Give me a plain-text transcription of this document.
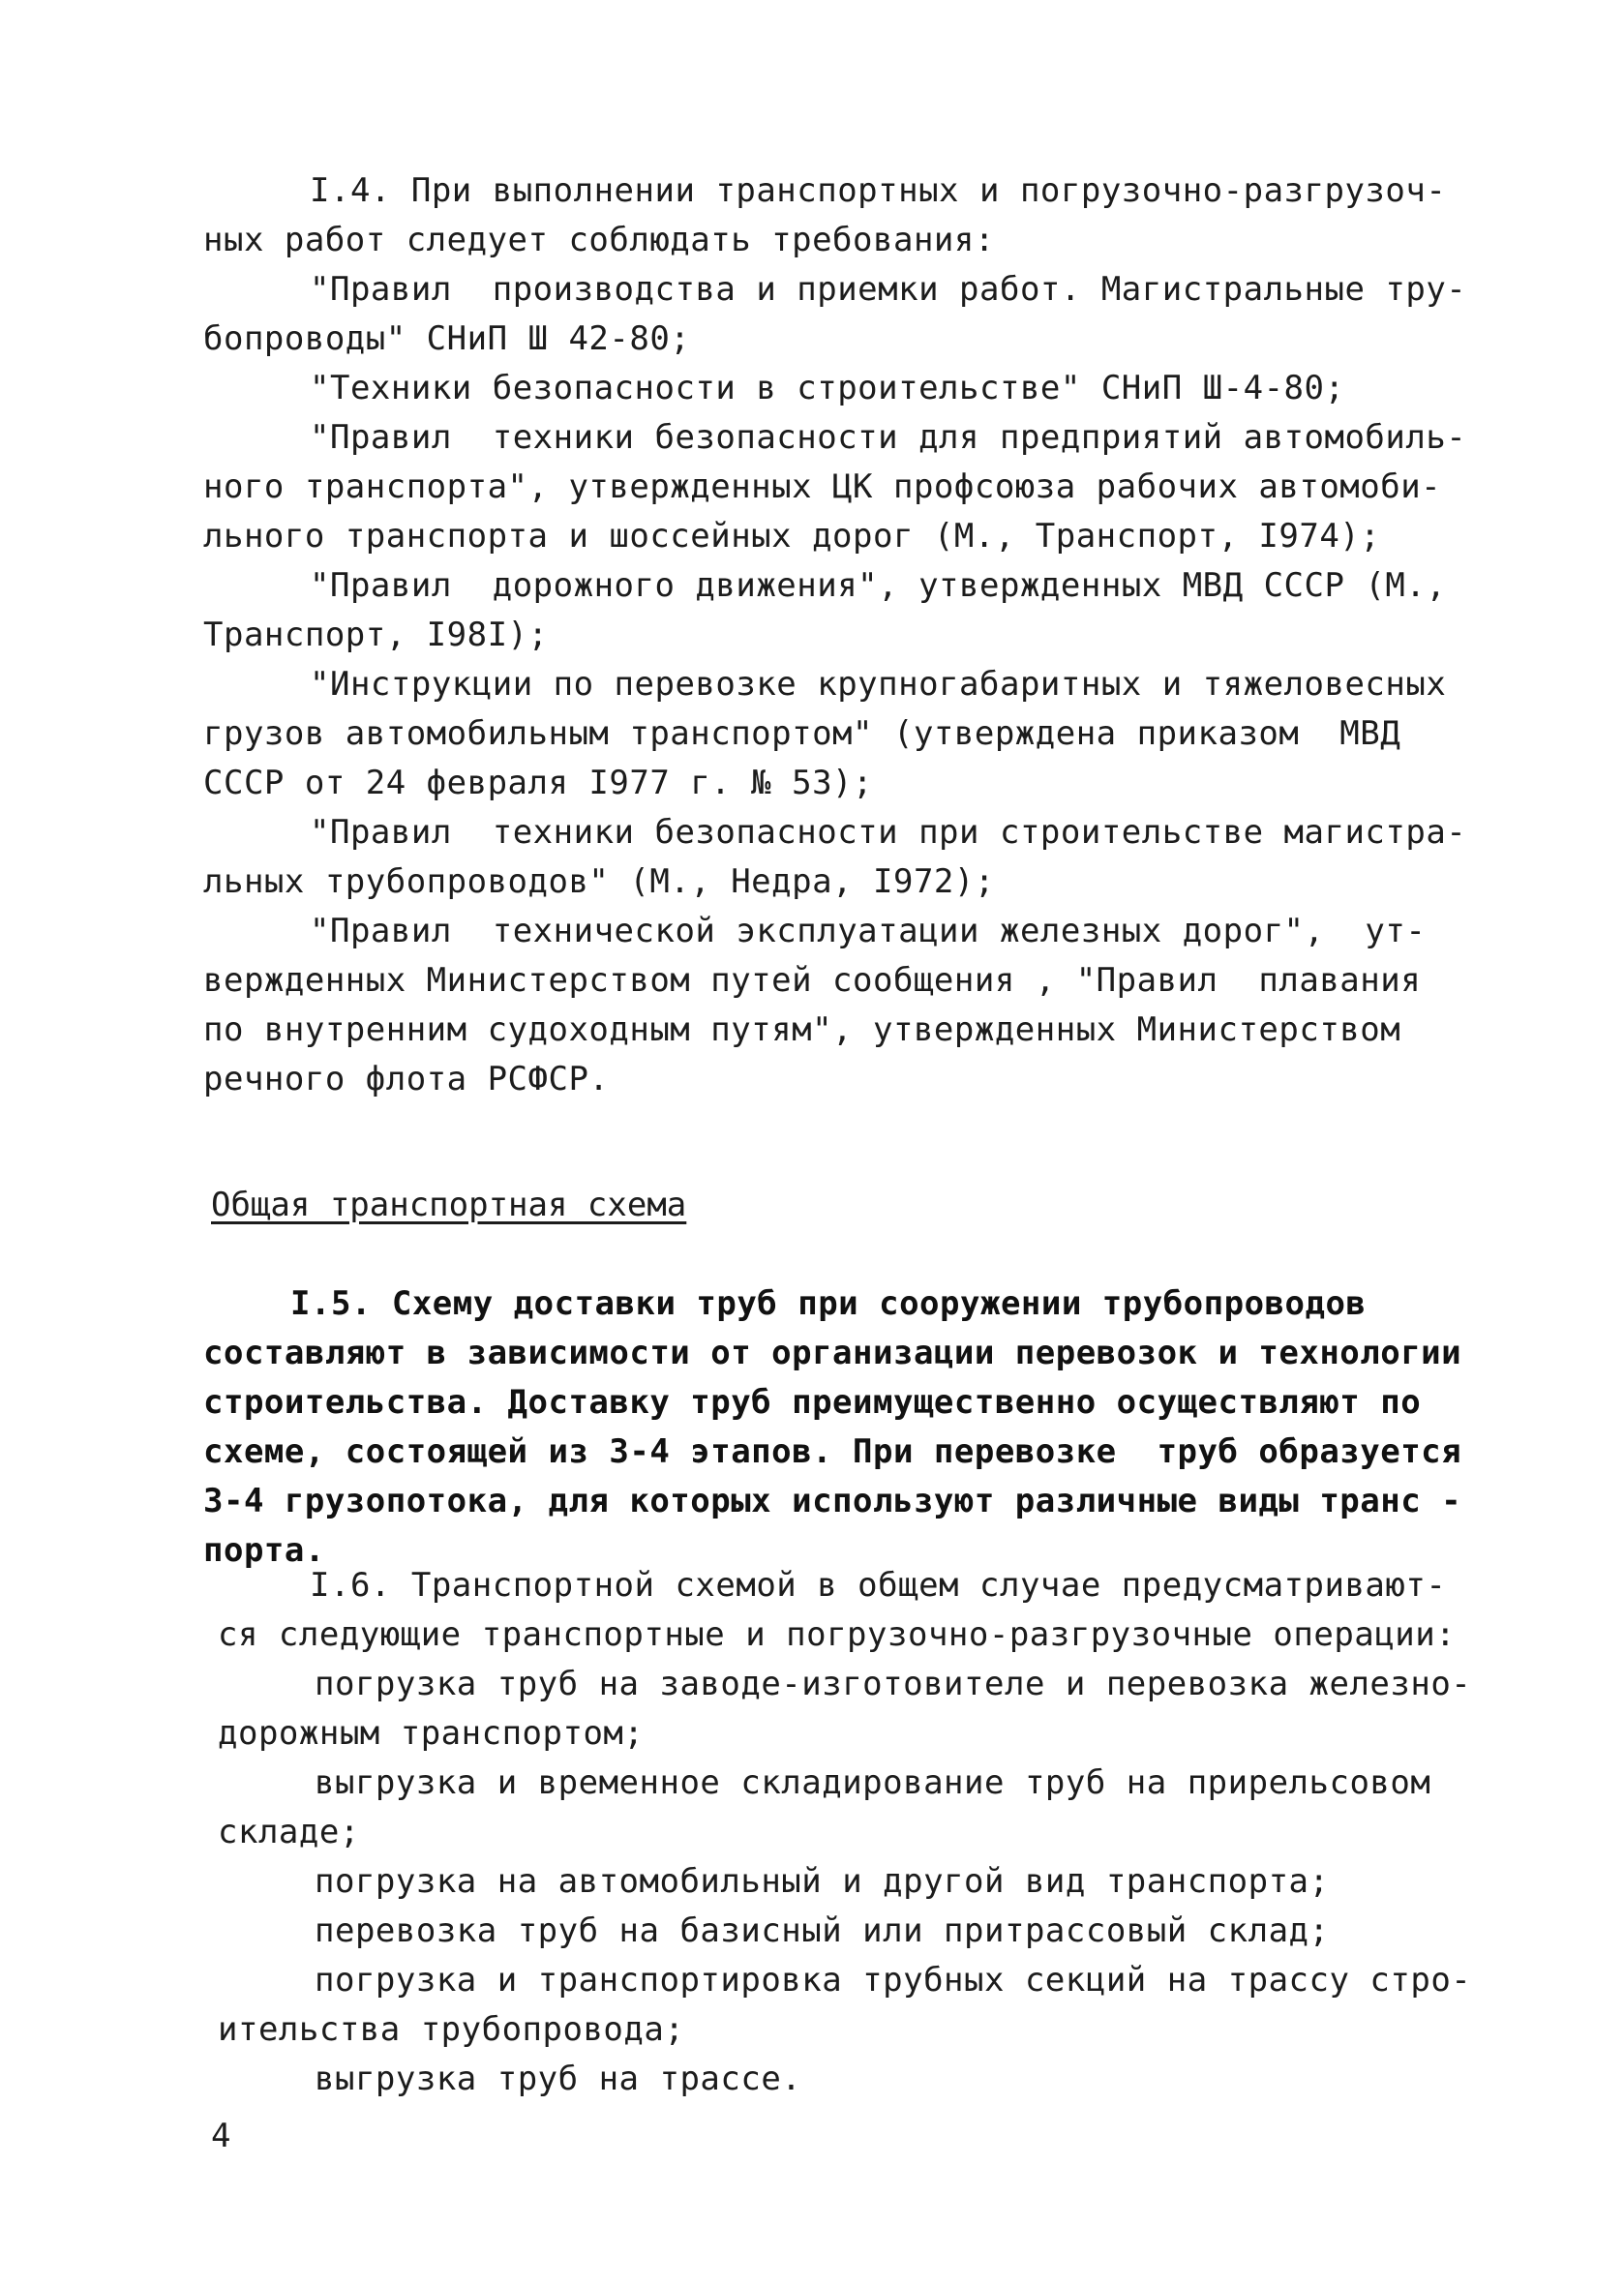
I.4. При выполнении транспортных и погрузочно-разгрузоч-
ных работ следует соблюдать требования:
"Правил  производства и приемки работ. Магистральные тру-
бопроводы" СНиП Ш 42-80;
"Техники безопасности в строительстве" СНиП Ш-4-80;
"Правил  техники безопасности для предприятий автомобиль-
ного транспорта", утвержденных ЦК профсоюза рабочих автомоби-
льного транспорта и шоссейных дорог (М., Транспорт, I974);
"Правил  дорожного движения", утвержденных МВД СССР (М.,
Транспорт, I98I);
"Инструкции по перевозке крупногабаритных и тяжеловесных
грузов автомобильным транспортом" (утверждена приказом  МВД
СССР от 24 февраля I977 г. № 53);
"Правил  техники безопасности при строительстве магистра-
льных трубопроводов" (М., Недра, I972);
"Правил  технической эксплуатации железных дорог",  ут-
вержденных Министерством путей сообщения , "Правил  плавания
по внутренним судоходным путям", утвержденных Министерством
речного флота РСФСР.
Общая транспортная схема
I.5. Схему доставки труб при сооружении трубопроводов
составляют в зависимости от организации перевозок и технологии
строительства. Доставку труб преимущественно осуществляют по
схеме, состоящей из 3-4 этапов. При перевозке  труб образуется
3-4 грузопотока, для которых используют различные виды транс -
порта.
I.6. Транспортной схемой в общем случае предусматривают-
ся следующие транспортные и погрузочно-разгрузочные операции:
погрузка труб на заводе-изготовителе и перевозка железно-
дорожным транспортом;
выгрузка и временное складирование труб на прирельсовом
складе;
погрузка на автомобильный и другой вид транспорта;
перевозка труб на базисный или притрассовый склад;
погрузка и транспортировка трубных секций на трассу стро-
ительства трубопровода;
выгрузка труб на трассе.
4
